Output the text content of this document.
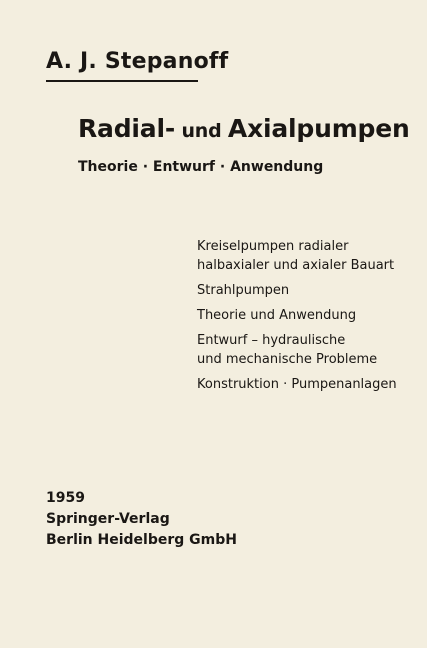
A. J. Stepanoff
Radial- und Axialpumpen
Theorie · Entwurf · Anwendung
Kreiselpumpen radialer
halbaxialer und axialer Bauart
Strahlpumpen
Theorie und Anwendung
Entwurf – hydraulische
und mechanische Probleme
Konstruktion · Pumpenanlagen
1959
Springer-Verlag
Berlin Heidelberg GmbH
